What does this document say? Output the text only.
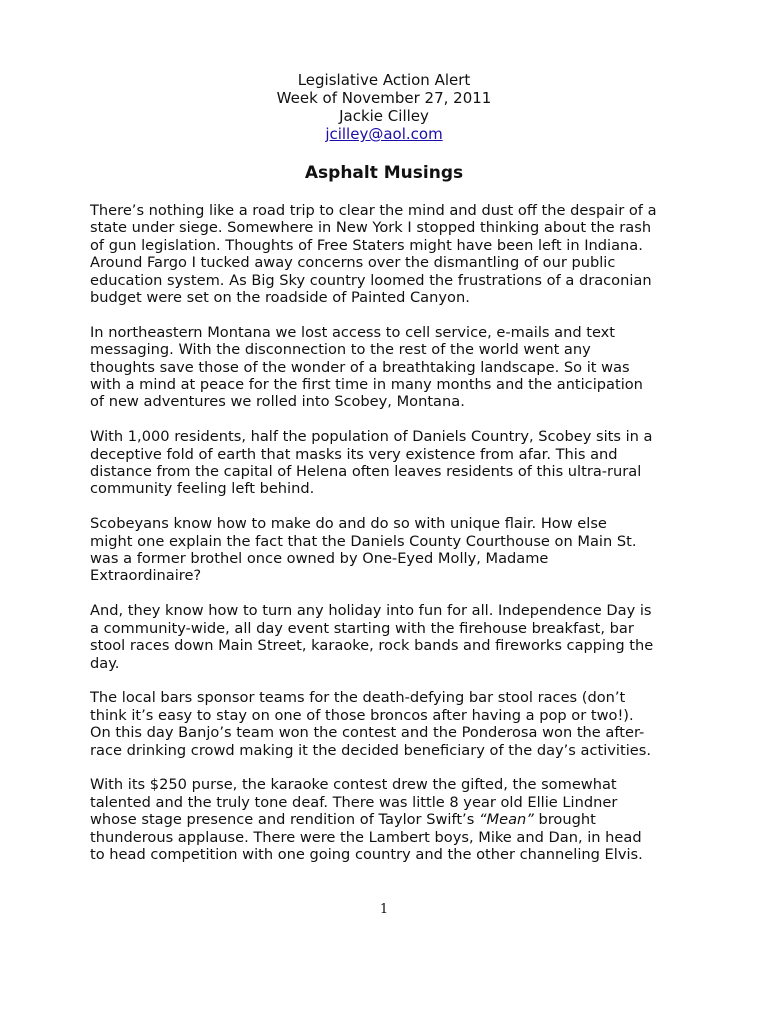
Legislative Action Alert
Week of November 27, 2011
Jackie Cilley
jcilley@aol.com
Asphalt Musings

There’s nothing like a road trip to clear the mind and dust off the despair of a
state under siege. Somewhere in New York I stopped thinking about the rash
of gun legislation. Thoughts of Free Staters might have been left in Indiana.
Around Fargo I tucked away concerns over the dismantling of our public
education system. As Big Sky country loomed the frustrations of a draconian
budget were set on the roadside of Painted Canyon.

In northeastern Montana we lost access to cell service, e-mails and text
messaging. With the disconnection to the rest of the world went any
thoughts save those of the wonder of a breathtaking landscape. So it was
with a mind at peace for the first time in many months and the anticipation
of new adventures we rolled into Scobey, Montana.

With 1,000 residents, half the population of Daniels Country, Scobey sits in a
deceptive fold of earth that masks its very existence from afar. This and
distance from the capital of Helena often leaves residents of this ultra-rural
community feeling left behind.

Scobeyans know how to make do and do so with unique flair. How else
might one explain the fact that the Daniels County Courthouse on Main St.
was a former brothel once owned by One-Eyed Molly, Madame
Extraordinaire?

And, they know how to turn any holiday into fun for all. Independence Day is
a community-wide, all day event starting with the firehouse breakfast, bar
stool races down Main Street, karaoke, rock bands and fireworks capping the
day.

The local bars sponsor teams for the death-defying bar stool races (don’t
think it’s easy to stay on one of those broncos after having a pop or two!).
On this day Banjo’s team won the contest and the Ponderosa won the after-
race drinking crowd making it the decided beneficiary of the day’s activities.

With its $250 purse, the karaoke contest drew the gifted, the somewhat
talented and the truly tone deaf. There was little 8 year old Ellie Lindner
whose stage presence and rendition of Taylor Swift’s “Mean” brought
thunderous applause. There were the Lambert boys, Mike and Dan, in head
to head competition with one going country and the other channeling Elvis.

1
